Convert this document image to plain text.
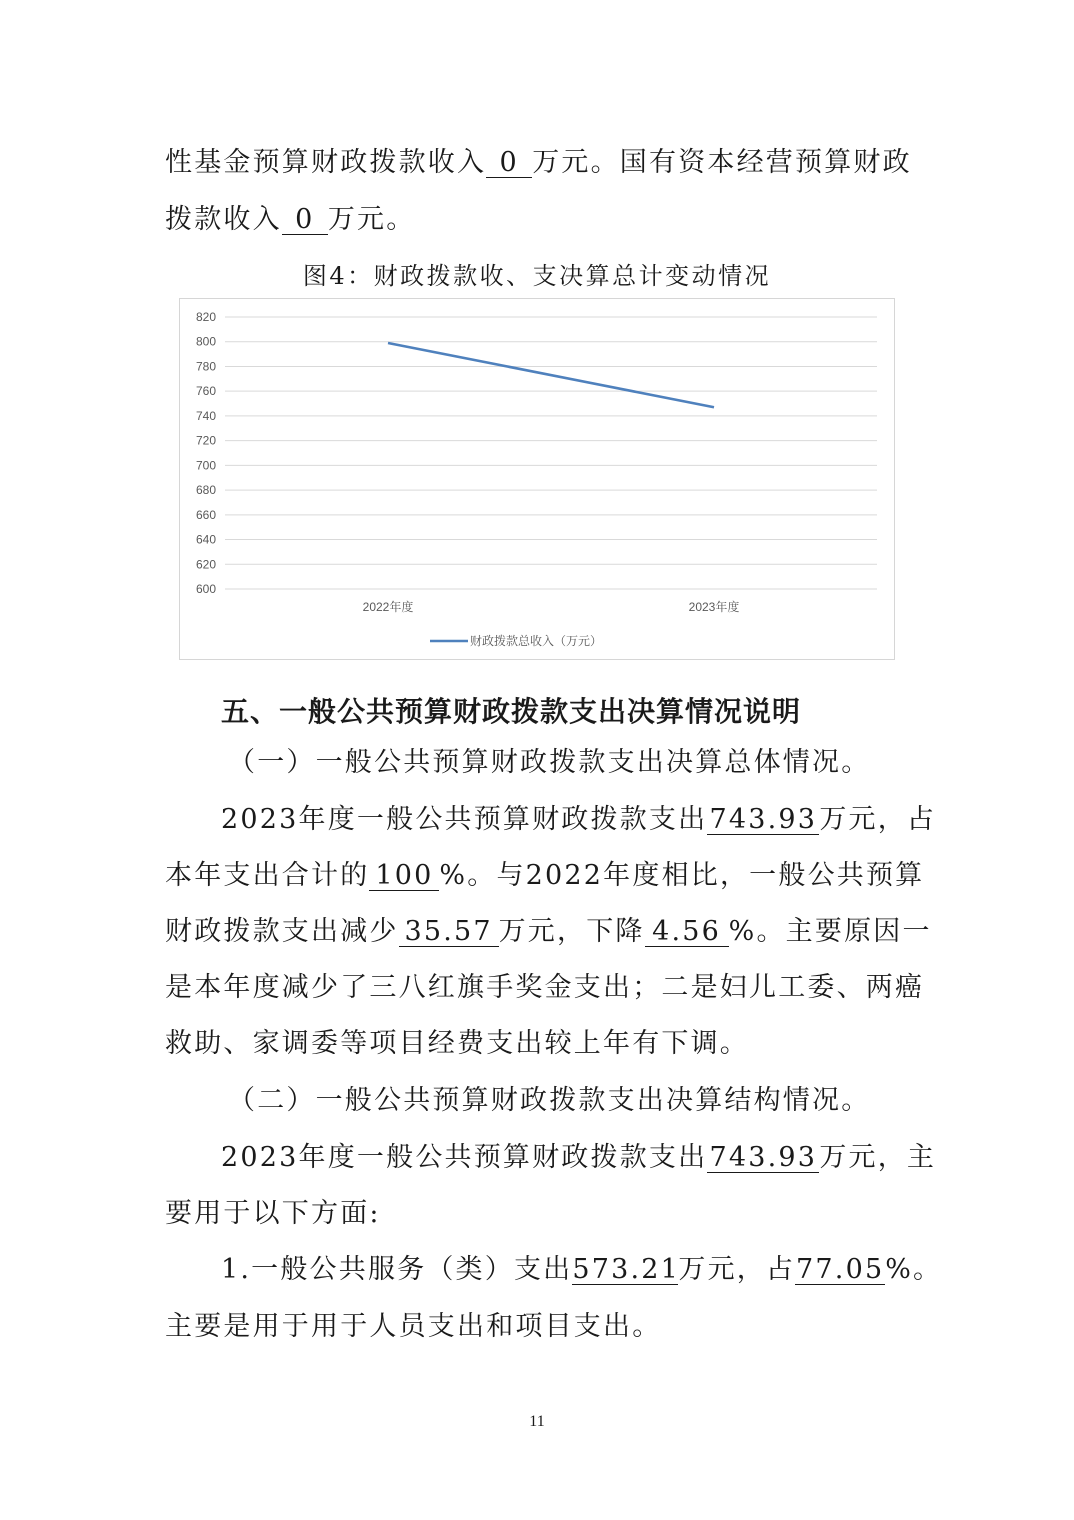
性基金预算财政拨款收入 0 万元。国有资本经营预算财政
拨款收入 0 万元。
图4：财政拨款收、支决算总计变动情况
600
620
640
660
680
700
720
740
760
780
800
820
2022年度	2023年度
财政拨款总收入（万元）
五、一般公共预算财政拨款支出决算情况说明
（一）一般公共预算财政拨款支出决算总体情况。
2023年度一般公共预算财政拨款支出743.93万元，占
本年支出合计的 100 %。与2022年度相比，一般公共预算
财政拨款支出减少 35.57 万元，下降 4.56 %。主要原因一
是本年度减少了三八红旗手奖金支出；二是妇儿工委、两癌
救助、家调委等项目经费支出较上年有下调。
（二）一般公共预算财政拨款支出决算结构情况。
2023年度一般公共预算财政拨款支出743.93万元，主
要用于以下方面:
1.一般公共服务（类）支出573.21万元，占77.05%。
主要是用于用于人员支出和项目支出。
11
